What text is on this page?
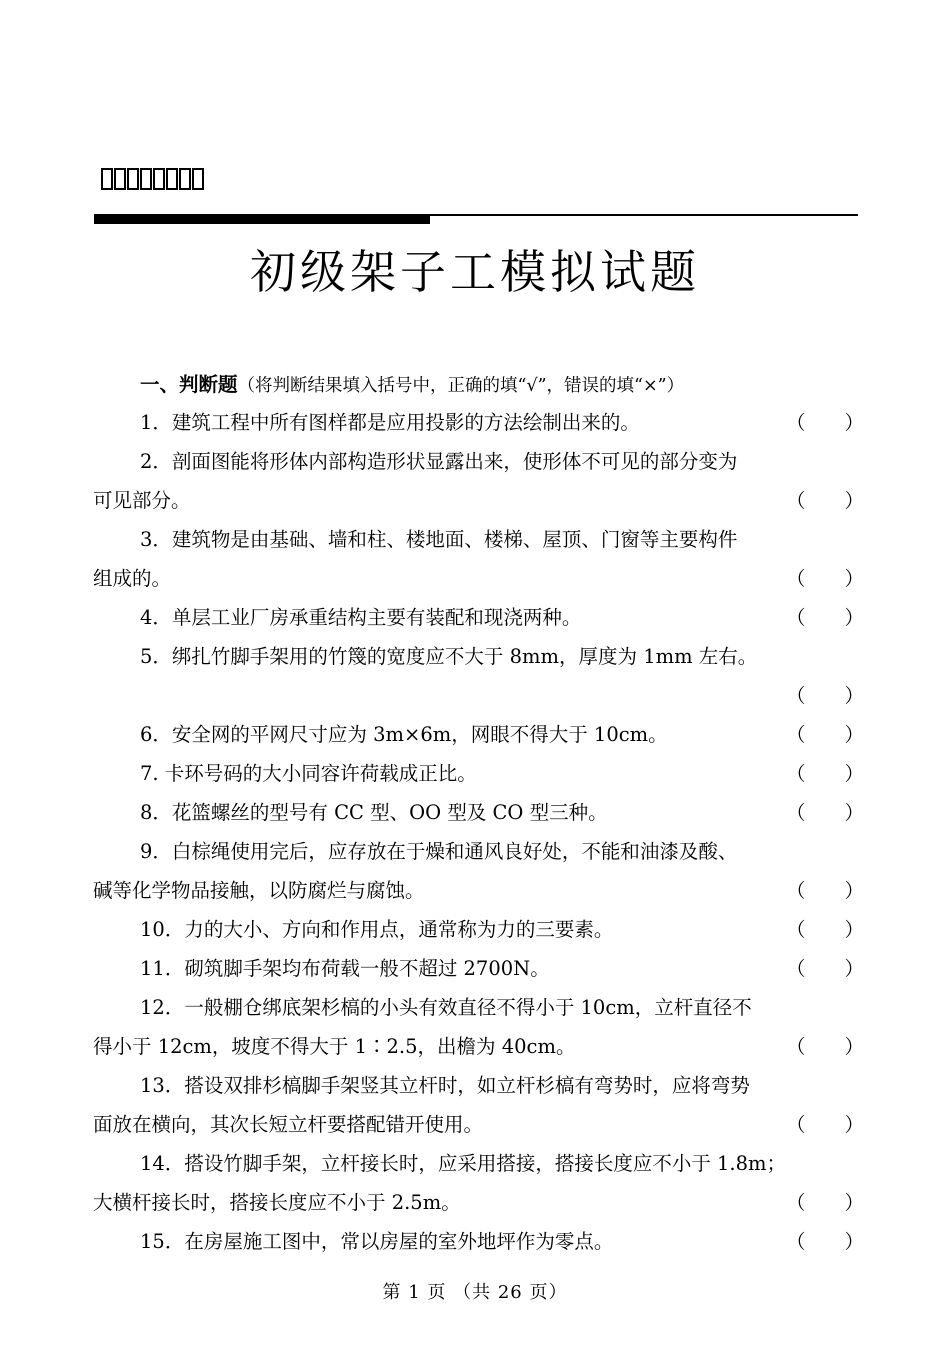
初级架子工模拟试题
一、判断题（将判断结果填入括号中，正确的填“√”，错误的填“×”）
1．建筑工程中所有图样都是应用投影的方法绘制出来的。	（　　）
2．剖面图能将形体内部构造形状显露出来，使形体不可见的部分变为
可见部分。	（　　）
3．建筑物是由基础、墙和柱、楼地面、楼梯、屋顶、门窗等主要构件
组成的。	（　　）
4．单层工业厂房承重结构主要有装配和现浇两种。	（　　）
5．绑扎竹脚手架用的竹篾的宽度应不大于 8mm，厚度为 1mm 左右。
（　　）
6．安全网的平网尺寸应为 3m×6m，网眼不得大于 10cm。	（　　）
7. 卡环号码的大小同容许荷载成正比。	（　　）
8．花篮螺丝的型号有 CC 型、OO 型及 CO 型三种。	（　　）
9．白棕绳使用完后，应存放在于燥和通风良好处，不能和油漆及酸、
碱等化学物品接触，以防腐烂与腐蚀。	（　　）
10．力的大小、方向和作用点，通常称为力的三要素。	（　　）
11．砌筑脚手架均布荷载一般不超过 2700N。	（　　）
12．一般棚仓绑底架杉槁的小头有效直径不得小于 10cm，立杆直径不
得小于 12cm，坡度不得大于 1∶2.5，出檐为 40cm。	（　　）
13．搭设双排杉槁脚手架竖其立杆时，如立杆杉槁有弯势时，应将弯势
面放在横向，其次长短立杆要搭配错开使用。	（　　）
14．搭设竹脚手架，立杆接长时，应采用搭接，搭接长度应不小于 1.8m；
大横杆接长时，搭接长度应不小于 2.5m。	（　　）
15．在房屋施工图中，常以房屋的室外地坪作为零点。	（　　）
第 1 页 （共 26 页）
